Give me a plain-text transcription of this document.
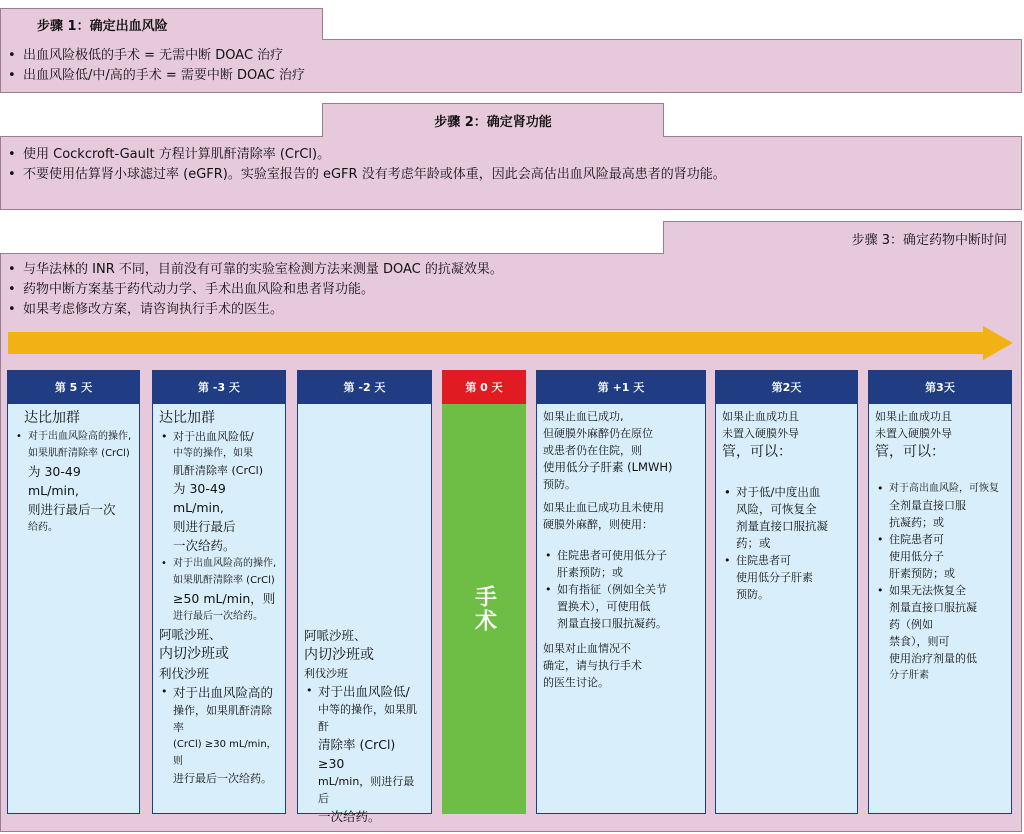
步骤 1：确定出血风险
• 出血风险极低的手术 = 无需中断 DOAC 治疗
• 出血风险低/中/高的手术 = 需要中断 DOAC 治疗
步骤 2：确定肾功能
• 使用 Cockcroft-Gault 方程计算肌酐清除率 (CrCl)。
• 不要使用估算肾小球滤过率 (eGFR)。实验室报告的 eGFR 没有考虑年龄或体重，因此会高估出血风险最高患者的肾功能。
步骤 3：确定药物中断时间
• 与华法林的 INR 不同，目前没有可靠的实验室检测方法来测量 DOAC 的抗凝效果。
• 药物中断方案基于药代动力学、手术出血风险和患者肾功能。
• 如果考虑修改方案，请咨询执行手术的医生。
第 5 天
达比加群
• 对于出血风险高的操作,
如果肌酐清除率 (CrCl)
为 30-49 mL/min,
则进行最后一次
给药。
第 -3 天
达比加群
• 对于出血风险低/
中等的操作，如果
肌酐清除率 (CrCl)
为 30-49 mL/min,
则进行最后
一次给药。
• 对于出血风险高的操作,
如果肌酐清除率 (CrCl)
≥50 mL/min，则
进行最后一次给药。
阿哌沙班、
内切沙班或
利伐沙班
• 对于出血风险高的
操作，如果肌酐清除率
(CrCl) ≥30 mL/min，则
进行最后一次给药。
第 -2 天
阿哌沙班、
内切沙班或
利伐沙班
• 对于出血风险低/
中等的操作，如果肌酐
清除率 (CrCl) ≥30
mL/min，则进行最后
一次给药。
第 0 天
手术
第 +1 天
如果止血已成功,
但硬膜外麻醉仍在原位
或患者仍在住院，则
使用低分子肝素 (LMWH)
预防。
如果止血已成功且未使用
硬膜外麻醉，则使用：
• 住院患者可使用低分子
肝素预防；或
• 如有指征（例如全关节
置换术），可使用低
剂量直接口服抗凝药。
如果对止血情况不
确定，请与执行手术
的医生讨论。
第2天
如果止血成功且
未置入硬膜外导
管，可以：
• 对于低/中度出血
风险，可恢复全
剂量直接口服抗凝
药；或
• 住院患者可
使用低分子肝素
预防。
第3天
如果止血成功且
未置入硬膜外导
管，可以：
• 对于高出血风险，可恢复
全剂量直接口服
抗凝药；或
• 住院患者可
使用低分子
肝素预防；或
• 如果无法恢复全
剂量直接口服抗凝
药（例如
禁食），则可
使用治疗剂量的低
分子肝素
